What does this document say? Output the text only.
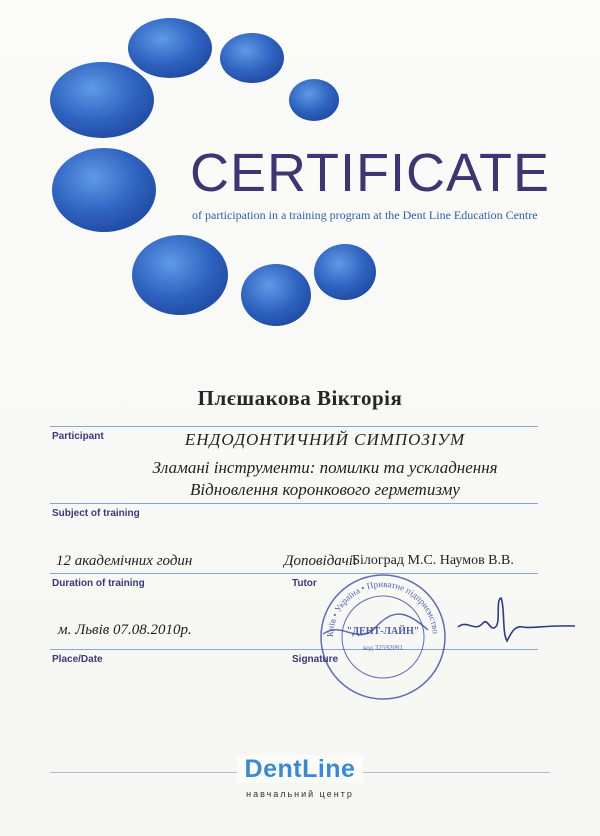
CERTIFICATE
of participation in a training program at the Dent Line Education Centre
Плєшакова Вікторія
Participant	ЕНДОДОНТИЧНИЙ СИМПОЗІУМ
Зламані інструменти: помилки та ускладнення
Відновлення коронкового герметизму
Subject of training
12 академічних годин	Доповідачі:
Білоград М.С. Наумов В.В.
Duration of training	Tutor
м. Львів 07.08.2010р.
Place/Date	Signature
Київ • Україна • Приватне підприємство
"ДЕНТ-ЛАЙН"
код 32592091
DentLine
навчальний центр
